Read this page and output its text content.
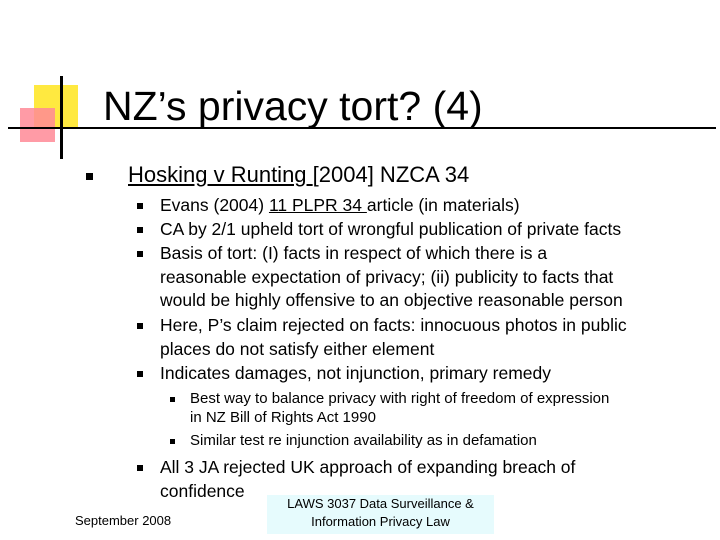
NZ’s privacy tort? (4)
Hosking v Runting [2004] NZCA 34
Evans (2004) 11 PLPR 34 article (in materials)
CA by 2/1 upheld tort of wrongful publication of private facts
Basis of tort: (I) facts in respect of which there is a
reasonable expectation of privacy; (ii) publicity to facts that
would be highly offensive to an objective reasonable person
Here, P’s claim rejected on facts: innocuous photos in public
places do not satisfy either element
Indicates damages, not injunction, primary remedy
Best way to balance privacy with right of freedom of expression
in NZ Bill of Rights Act 1990
Similar test re injunction availability as in defamation
All 3 JA rejected UK approach of expanding breach of
confidence
September 2008
LAWS 3037 Data Surveillance &
Information Privacy Law
